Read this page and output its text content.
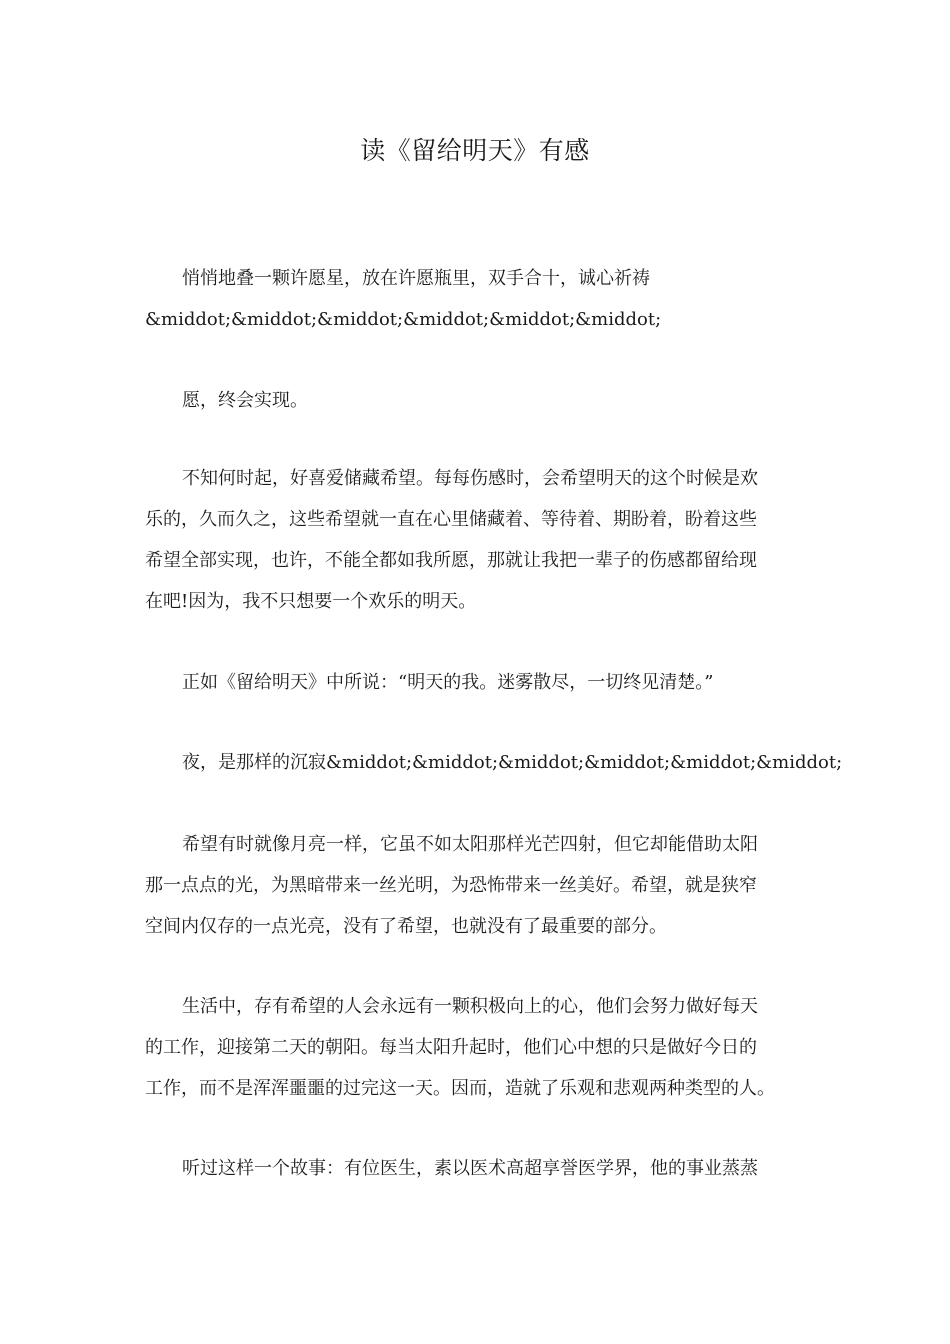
读《留给明天》有感
悄悄地叠一颗许愿星，放在许愿瓶里，双手合十，诚心祈祷
&middot;&middot;&middot;&middot;&middot;&middot;
愿，终会实现。
不知何时起，好喜爱储藏希望。每每伤感时，会希望明天的这个时候是欢
乐的，久而久之，这些希望就一直在心里储藏着、等待着、期盼着，盼着这些
希望全部实现，也许，不能全都如我所愿，那就让我把一辈子的伤感都留给现
在吧!因为，我不只想要一个欢乐的明天。
正如《留给明天》中所说：“明天的我。迷雾散尽，一切终见清楚。”
夜，是那样的沉寂&middot;&middot;&middot;&middot;&middot;&middot;
希望有时就像月亮一样，它虽不如太阳那样光芒四射，但它却能借助太阳
那一点点的光，为黑暗带来一丝光明，为恐怖带来一丝美好。希望，就是狭窄
空间内仅存的一点光亮，没有了希望，也就没有了最重要的部分。
生活中，存有希望的人会永远有一颗积极向上的心，他们会努力做好每天
的工作，迎接第二天的朝阳。每当太阳升起时，他们心中想的只是做好今日的
工作，而不是浑浑噩噩的过完这一天。因而，造就了乐观和悲观两种类型的人。
听过这样一个故事：有位医生，素以医术高超享誉医学界，他的事业蒸蒸
